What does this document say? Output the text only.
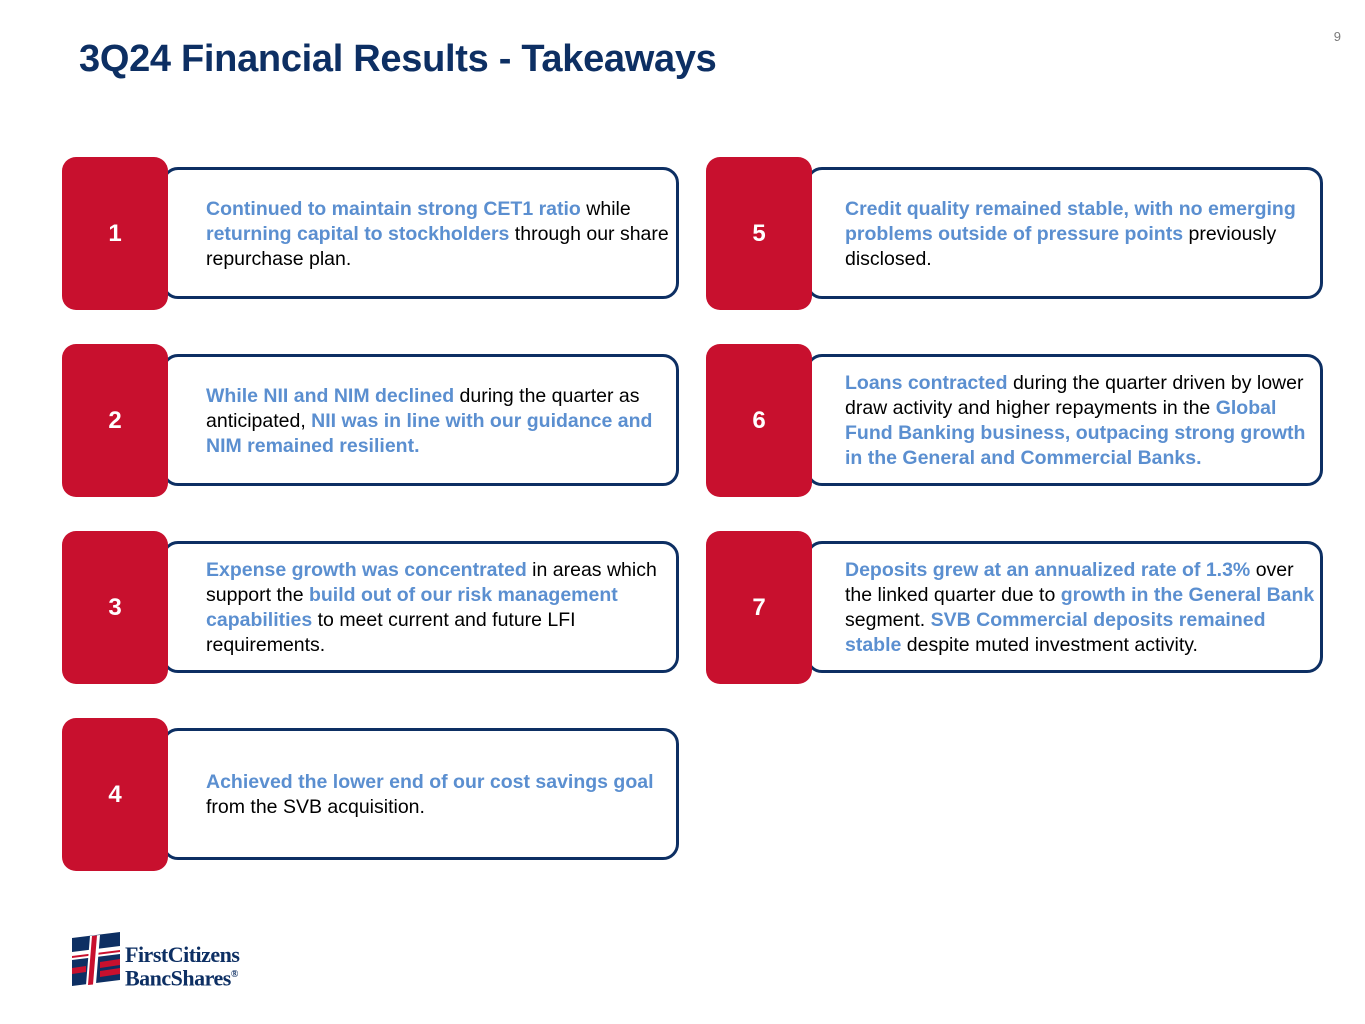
9
3Q24 Financial Results - Takeaways
1

Continued to maintain strong CET1 ratio while returning capital to stockholders through our share repurchase plan.

2

While NII and NIM declined during the quarter as anticipated, NII was in line with our guidance and NIM remained resilient.

3

Expense growth was concentrated in areas which support the build out of our risk management capabilities to meet current and future LFI requirements.

4	Achieved the lower end of our cost savings goal from the SVB acquisition.

5

Credit quality remained stable, with no emerging problems outside of pressure points previously disclosed.

6

Loans contracted during the quarter driven by lower draw activity and higher repayments in the Global Fund Banking business, outpacing strong growth in the General and Commercial Banks.

7

Deposits grew at an annualized rate of 1.3% over the linked quarter due to growth in the General Bank segment. SVB Commercial deposits remained stable despite muted investment activity.

FirstCitizens
BancShares®
